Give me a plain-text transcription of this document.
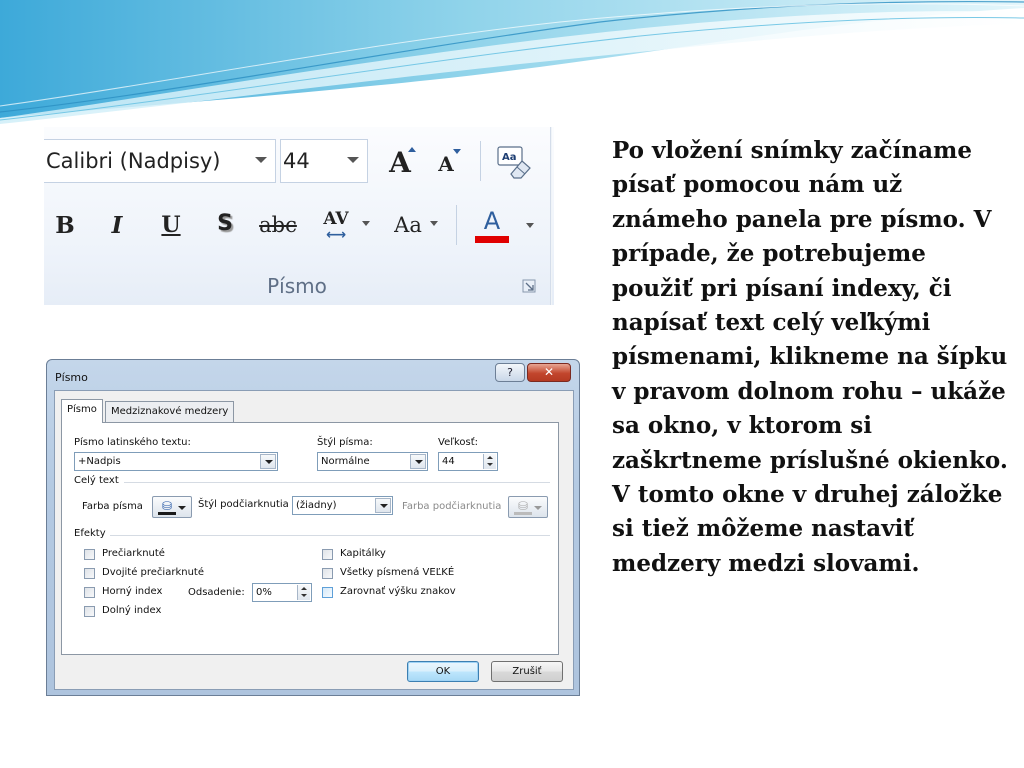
Calibri (Nadpisy)	44	A A	Aa
B I U S abc AV
⟷ Aa	A
Písmo
Písmo	?	✕
Písmo	Medziznakové medzery
Písmo latinského textu:
+Nadpis
Štýl písma:
Normálne
Veľkosť:
44
Celý text
Farba písma	⛁	Štýl podčiarknutia (žiadny)	Farba podčiarknutia	⛁
Efekty
Prečiarknuté
Dvojité prečiarknuté
Horný index
Dolný index
Odsadenie:	0%
Kapitálky
Všetky písmená VEĽKÉ
Zarovnať výšku znakov
OK	Zrušiť

Po vložení snímky začíname písať pomocou nám už známeho panela pre písmo. V prípade, že potrebujeme použiť pri písaní indexy, či napísať text celý veľkými písmenami, klikneme na šípku v pravom dolnom rohu – ukáže sa okno, v ktorom si zaškrtneme príslušné okienko.

V tomto okne v druhej záložke si tiež môžeme nastaviť medzery medzi slovami.
